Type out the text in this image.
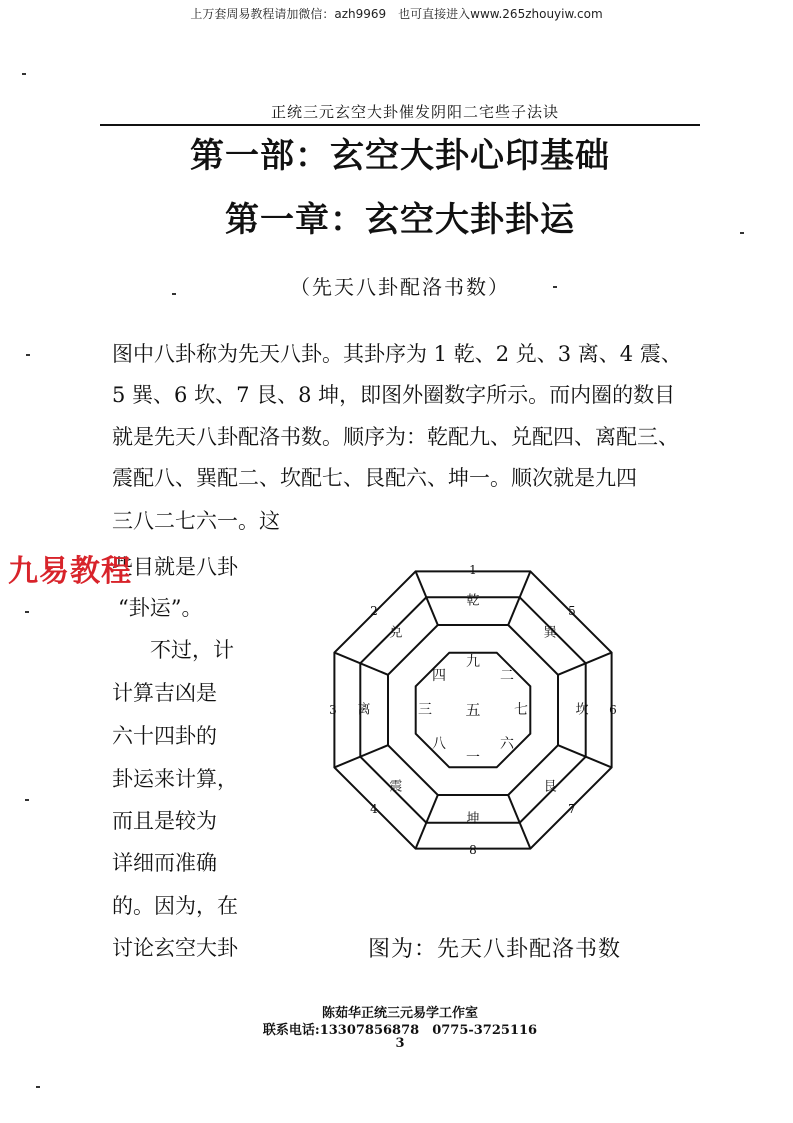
上万套周易教程请加微信：azh9969　也可直接进入www.265zhouyiw.com
正统三元玄空大卦催发阴阳二宅些子法诀
第一部：玄空大卦心印基础
第一章：玄空大卦卦运
（先天八卦配洛书数）
图中八卦称为先天八卦。其卦序为 1 乾、2 兑、3 离、4 震、
5 巽、6 坎、7 艮、8 坤，即图外圈数字所示。而内圈的数目
就是先天八卦配洛书数。顺序为：乾配九、兑配四、离配三、
震配八、巽配二、坎配七、艮配六、坤一。顺次就是九四
三八二七六一。这
些目就是八卦
“卦运”。
不过，计
计算吉凶是
六十四卦的
卦运来计算，
而且是较为
详细而准确
的。因为，在
讨论玄空大卦
九易教程	1
乾
九
5
巽
二
6
坎
七
7
艮
六
8
坤
一
4
震
八
3 离	三
2
兑
四
五
图为：先天八卦配洛书数
陈茹华正统三元易学工作室
联系电话:13307856878　0775-3725116
3
